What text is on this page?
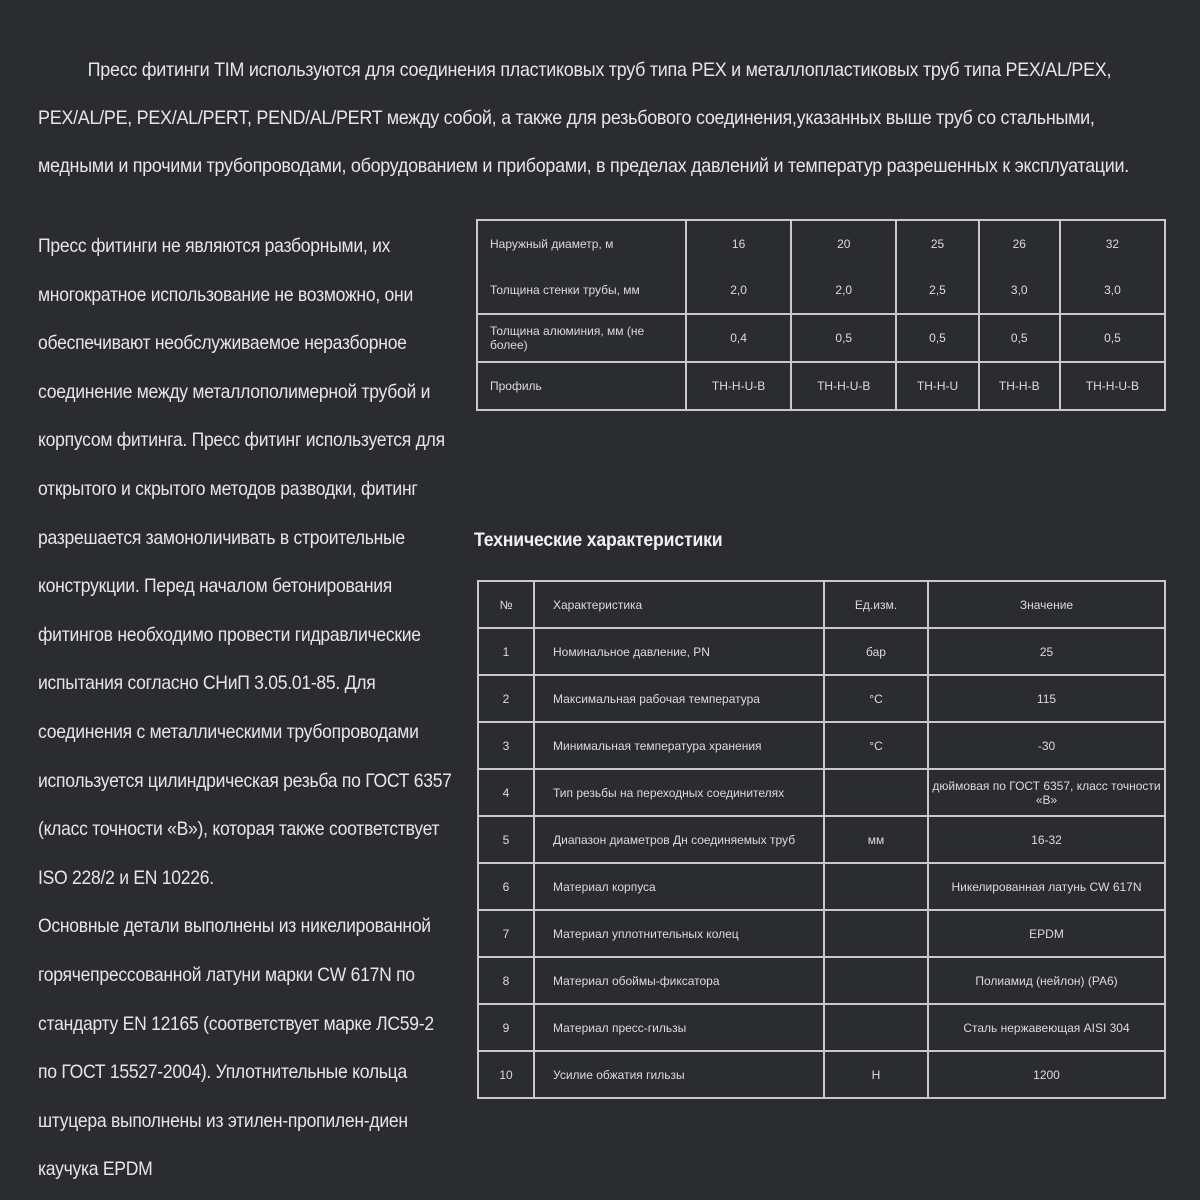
Пресс фитинги TIM используются для соединения пластиковых труб типа PEX и металлопластиковых труб типа PEX/AL/PEX, PEX/AL/PE, PEX/AL/PERT, PEND/AL/PERT между собой, а также для резьбового соединения,указанных выше труб со стальными, медными и прочими трубопроводами, оборудованием и приборами, в пределах давлений и температур разрешенных к эксплуатации.

Пресс фитинги не являются разборными, их многократное использование не возможно, они обеспечивают необслуживаемое неразборное соединение между металлополимерной трубой и корпусом фитинга. Пресс фитинг используется для открытого и скрытого методов разводки, фитинг разрешается замоноличивать в строительные конструкции. Перед началом бетонирования фитингов необходимо провести гидравлические испытания согласно СНиП 3.05.01-85. Для соединения с металлическими трубопроводами используется цилиндрическая резьба по ГОСТ 6357 (класс точности «В»), которая также соответствует ISO 228/2 и EN 10226.

Основные детали выполнены из никелированной горячепрессованной латуни марки CW 617N по стандарту EN 12165 (соответствует марке ЛС59-2 по ГОСТ 15527-2004). Уплотнительные кольца штуцера выполнены из этилен-пропилен-диен каучука EPDM

Наружный диаметр, м	16	20	25	26	32
Толщина стенки трубы, мм	2,0	2,0	2,5	3,0	3,0
Толщина алюминия, мм (не более)	0,4	0,5	0,5	0,5	0,5
Профиль	TH-H-U-B	TH-H-U-B	TH-H-U	TH-H-B	TH-H-U-B
Технические характеристики
№	Характеристика	Ед.изм.	Значение
1	Номинальное давление, PN	бар	25
2	Максимальная рабочая температура	°C	115
3	Минимальная температура хранения	°C	-30
4	Тип резьбы на переходных соединителях		дюймовая по ГОСТ 6357, класс точности «В»
5	Диапазон диаметров Дн соединяемых труб	мм	16-32
6	Материал корпуса		Никелированная латунь CW 617N
7	Материал уплотнительных колец		EPDM
8	Материал обоймы-фиксатора		Полиамид (нейлон) (PA6)
9	Материал пресс-гильзы		Сталь нержавеющая AISI 304
10	Усилие обжатия гильзы	Н	1200
